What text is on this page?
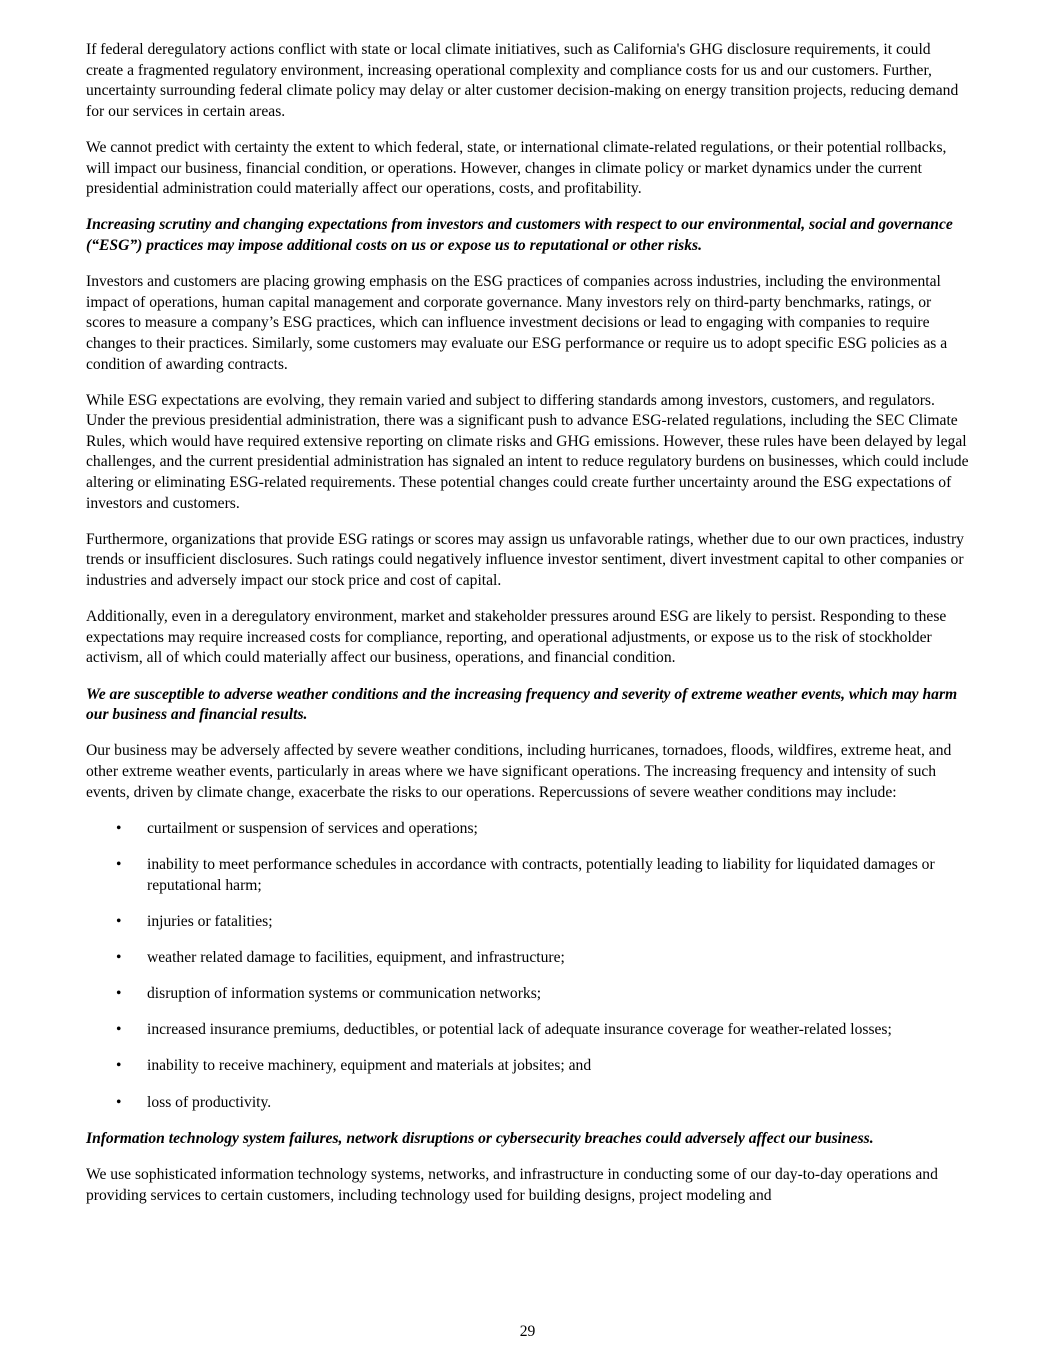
If federal deregulatory actions conflict with state or local climate initiatives, such as California's GHG disclosure requirements, it could create a fragmented regulatory environment, increasing operational complexity and compliance costs for us and our customers. Further, uncertainty surrounding federal climate policy may delay or alter customer decision-making on energy transition projects, reducing demand for our services in certain areas.

We cannot predict with certainty the extent to which federal, state, or international climate-related regulations, or their potential rollbacks, will impact our business, financial condition, or operations. However, changes in climate policy or market dynamics under the current presidential administration could materially affect our operations, costs, and profitability.

Increasing scrutiny and changing expectations from investors and customers with respect to our environmental, social and governance (“ESG”) practices may impose additional costs on us or expose us to reputational or other risks.

Investors and customers are placing growing emphasis on the ESG practices of companies across industries, including the environmental impact of operations, human capital management and corporate governance. Many investors rely on third-party benchmarks, ratings, or scores to measure a company’s ESG practices, which can influence investment decisions or lead to engaging with companies to require changes to their practices. Similarly, some customers may evaluate our ESG performance or require us to adopt specific ESG policies as a condition of awarding contracts.

While ESG expectations are evolving, they remain varied and subject to differing standards among investors, customers, and regulators. Under the previous presidential administration, there was a significant push to advance ESG-related regulations, including the SEC Climate Rules, which would have required extensive reporting on climate risks and GHG emissions. However, these rules have been delayed by legal challenges, and the current presidential administration has signaled an intent to reduce regulatory burdens on businesses, which could include altering or eliminating ESG-related requirements. These potential changes could create further uncertainty around the ESG expectations of investors and customers.

Furthermore, organizations that provide ESG ratings or scores may assign us unfavorable ratings, whether due to our own practices, industry trends or insufficient disclosures. Such ratings could negatively influence investor sentiment, divert investment capital to other companies or industries and adversely impact our stock price and cost of capital.

Additionally, even in a deregulatory environment, market and stakeholder pressures around ESG are likely to persist. Responding to these expectations may require increased costs for compliance, reporting, and operational adjustments, or expose us to the risk of stockholder activism, all of which could materially affect our business, operations, and financial condition.

We are susceptible to adverse weather conditions and the increasing frequency and severity of extreme weather events, which may harm our business and financial results.

Our business may be adversely affected by severe weather conditions, including hurricanes, tornadoes, floods, wildfires, extreme heat, and other extreme weather events, particularly in areas where we have significant operations. The increasing frequency and intensity of such events, driven by climate change, exacerbate the risks to our operations. Repercussions of severe weather conditions may include:

• curtailment or suspension of services and operations;
• inability to meet performance schedules in accordance with contracts, potentially leading to liability for liquidated damages or reputational harm;
• injuries or fatalities;
• weather related damage to facilities, equipment, and infrastructure;
• disruption of information systems or communication networks;
• increased insurance premiums, deductibles, or potential lack of adequate insurance coverage for weather-related losses;
• inability to receive machinery, equipment and materials at jobsites; and
• loss of productivity.

Information technology system failures, network disruptions or cybersecurity breaches could adversely affect our business.

We use sophisticated information technology systems, networks, and infrastructure in conducting some of our day-to-day operations and providing services to certain customers, including technology used for building designs, project modeling and

29
